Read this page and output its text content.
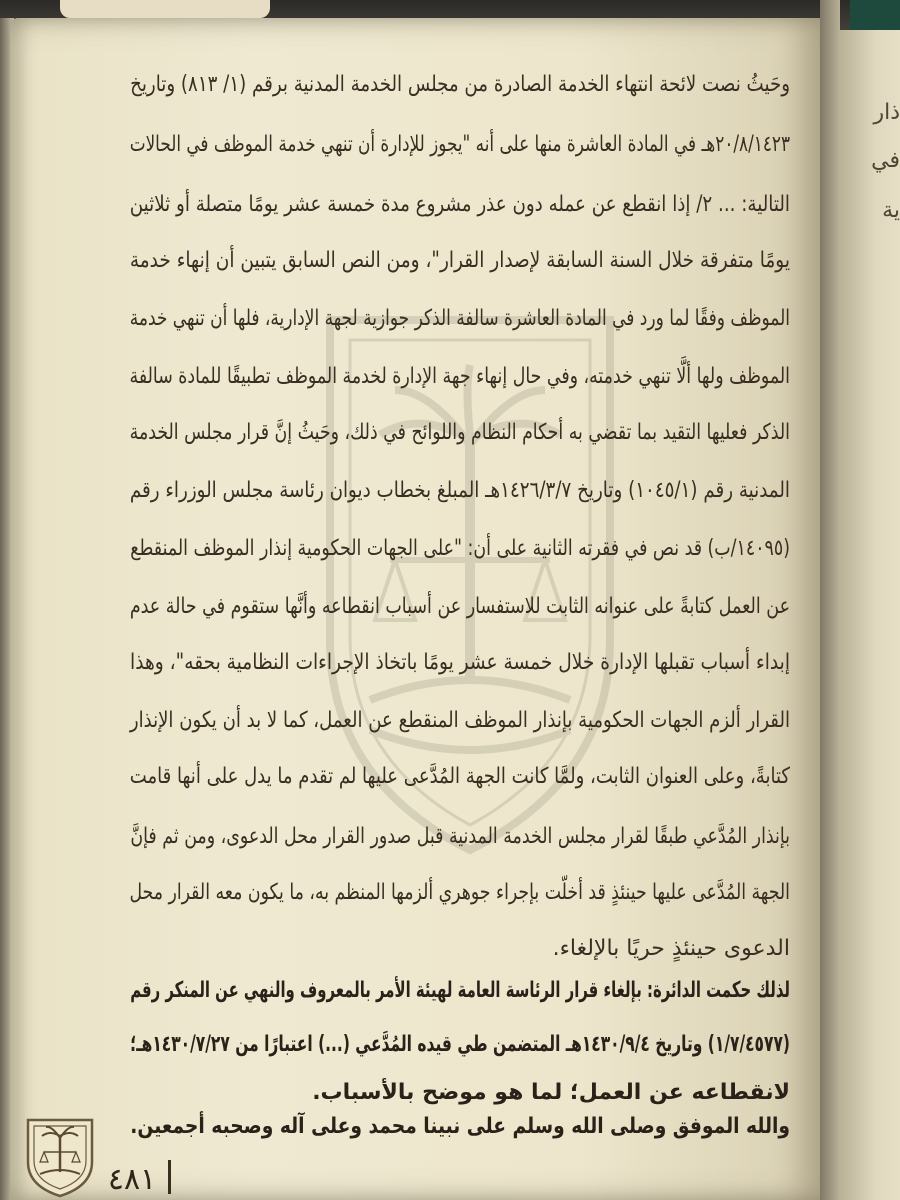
ذار
في
ية
وحَيثُ نصت لائحة انتهاء الخدمة الصادرة من مجلس الخدمة المدنية برقم (١/ ٨١٣) وتاريخ
٢٠/٨/١٤٢٣هـ في المادة العاشرة منها على أنه "يجوز للإدارة أن تنهي خدمة الموظف في الحالات
التالية: ... ٢/ إذا انقطع عن عمله دون عذر مشروع مدة خمسة عشر يومًا متصلة أو ثلاثين
يومًا متفرقة خلال السنة السابقة لإصدار القرار"، ومن النص السابق يتبين أن إنهاء خدمة
الموظف وفقًا لما ورد في المادة العاشرة سالفة الذكر جوازية لجهة الإدارية، فلها أن تنهي خدمة
الموظف ولها ألَّا تنهي خدمته، وفي حال إنهاء جهة الإدارة لخدمة الموظف تطبيقًا للمادة سالفة
الذكر فعليها التقيد بما تقضي به أحكام النظام واللوائح في ذلك، وحَيثُ إنَّ قرار مجلس الخدمة
المدنية رقم (١٠٤٥/١) وتاريخ ١٤٢٦/٣/٧هـ المبلغ بخطاب ديوان رئاسة مجلس الوزراء رقم
(١٤٠٩٥/ب) قد نص في فقرته الثانية على أن: "على الجهات الحكومية إنذار الموظف المنقطع
عن العمل كتابةً على عنوانه الثابت للاستفسار عن أسباب انقطاعه وأنَّها ستقوم في حالة عدم
إبداء أسباب تقبلها الإدارة خلال خمسة عشر يومًا باتخاذ الإجراءات النظامية بحقه"، وهذا
القرار ألزم الجهات الحكومية بإنذار الموظف المنقطع عن العمل، كما لا بد أن يكون الإنذار
كتابةً، وعلى العنوان الثابت، ولمَّا كانت الجهة المُدَّعى عليها لم تقدم ما يدل على أنها قامت
بإنذار المُدَّعي طبقًا لقرار مجلس الخدمة المدنية قبل صدور القرار محل الدعوى، ومن ثم فإنَّ
الجهة المُدَّعى عليها حينئذٍ قد أخلّت بإجراء جوهري ألزمها المنظم به، ما يكون معه القرار محل
الدعوى حينئذٍ حريًا بالإلغاء.
لذلك حكمت الدائرة: بإلغاء قرار الرئاسة العامة لهيئة الأمر بالمعروف والنهي عن المنكر رقم
(١/٧/٤٥٧٧) وتاريخ ١٤٣٠/٩/٤هـ المتضمن طي قيده المُدَّعي (...) اعتبارًا من ١٤٣٠/٧/٢٧هـ؛
لانقطاعه عن العمل؛ لما هو موضح بالأسباب.
والله الموفق وصلى الله وسلم على نبينا محمد وعلى آله وصحبه أجمعين.
٤٨١
